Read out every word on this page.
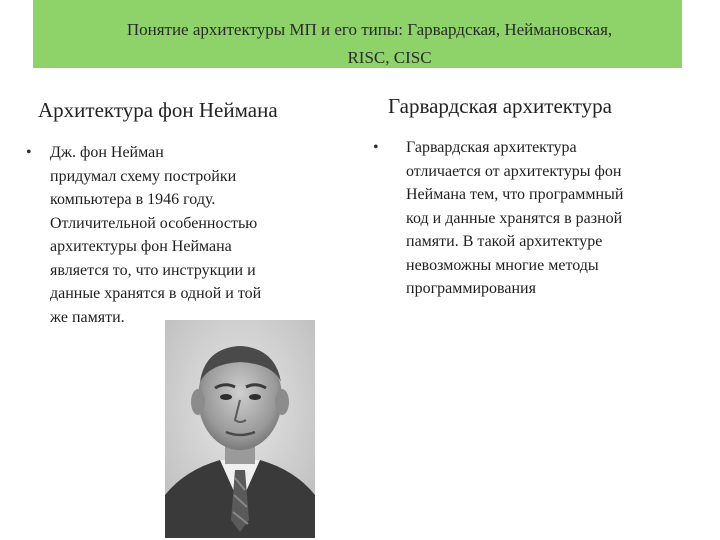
Понятие архитектуры МП и его типы: Гарвардская, Неймановская,
RISC, CISC
Архитектура фон Неймана	Гарвардская архитектура
• Дж. фон Нейман
придумал схему постройки
компьютера в 1946 году.
Отличительной особенностью
архитектуры фон Неймана
является то, что инструкции и
данные хранятся в одной и той
же памяти.
• Гарвардская архитектура
отличается от архитектуры фон
Неймана тем, что программный
код и данные хранятся в разной
памяти. В такой архитектуре
невозможны многие методы
программирования
